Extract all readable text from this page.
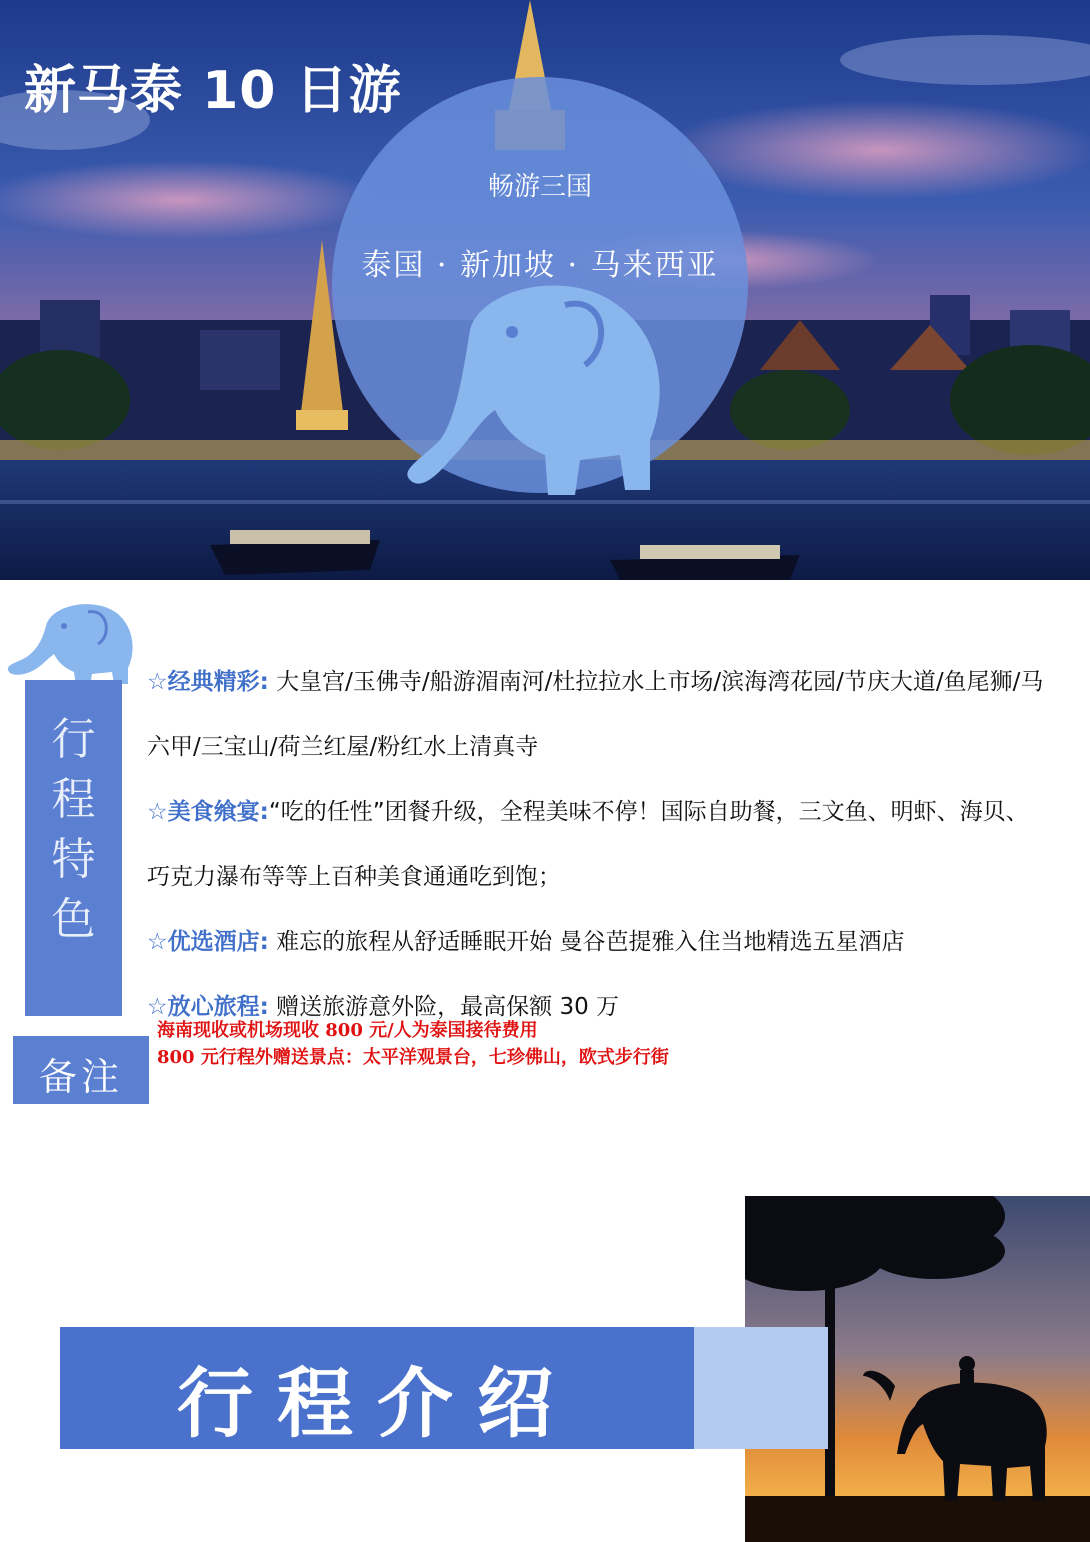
新马泰 10 日游
畅游三国
泰国 · 新加坡 · 马来西亚
行
程
特
色
☆经典精彩: 大皇宫/玉佛寺/船游湄南河/杜拉拉水上市场/滨海湾花园/节庆大道/鱼尾狮/马六甲/三宝山/荷兰红屋/粉红水上清真寺
☆美食飨宴:“吃的任性”团餐升级，全程美味不停！国际自助餐，三文鱼、明虾、海贝、巧克力瀑布等等上百种美食通通吃到饱；
☆优选酒店: 难忘的旅程从舒适睡眠开始 曼谷芭提雅入住当地精选五星酒店
☆放心旅程: 赠送旅游意外险，最高保额 30 万
海南现收或机场现收 800 元/人为泰国接待费用
800 元行程外赠送景点：太平洋观景台，七珍佛山，欧式步行街
备注
行程介绍
